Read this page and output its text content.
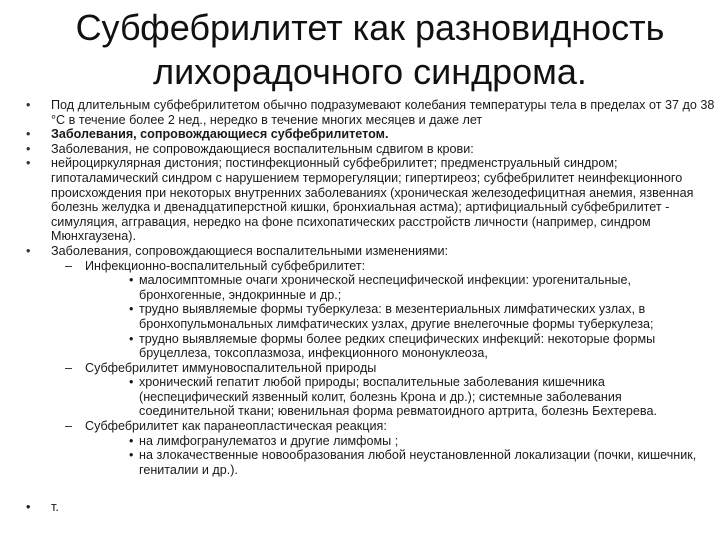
Субфебрилитет как разновидность
лихорадочного синдрома.
•	Под длительным субфебрилитетом обычно подразумевают колебания температуры тела в пределах от 37 до 38 °С в течение более 2 нед., нередко в течение многих месяцев и даже лет
•	Заболевания, сопровождающиеся субфебрилитетом.
•	Заболевания, не сопровождающиеся воспалительным сдвигом в крови:
•	нейроциркулярная дистония; постинфекционный субфебрилитет; предменструальный синдром; гипоталамический синдром с нарушением терморегуляции; гипертиреоз; субфебрилитет неинфекционного происхождения при некоторых внутренних заболеваниях (хроническая железодефицитная анемия, язвенная болезнь желудка и двенадцатиперстной кишки, бронхиальная астма); артифициальный субфебрилитет - симуляция, аггравация, нередко на фоне психопатических расстройств личности (например, синдром Мюнхгаузена).
•	Заболевания, сопровождающиеся воспалительными изменениями:
– Инфекционно-воспалительный субфебрилитет:
• малосимптомные очаги хронической неспецифической инфекции: урогенитальные, бронхогенные, эндокринные и др.;
• трудно выявляемые формы туберкулеза: в мезентериальных лимфатических узлах, в бронхопульмональных лимфатических узлах, другие внелегочные формы туберкулеза;
• трудно выявляемые формы более редких специфических инфекций: некоторые формы бруцеллеза, токсоплазмоза, инфекционного мононуклеоза,
– Субфебрилитет иммуновоспалительной природы
• хронический гепатит любой природы; воспалительные заболевания кишечника (неспецифический язвенный колит, болезнь Крона и др.); системные заболевания соединительной ткани; ювенильная форма ревматоидного артрита, болезнь Бехтерева.
– Субфебрилитет как паранеопластическая реакция:
• на лимфогранулематоз и другие лимфомы ;
• на злокачественные новообразования любой неустановленной локализации (почки, кишечник, гениталии и др.).
• т.
